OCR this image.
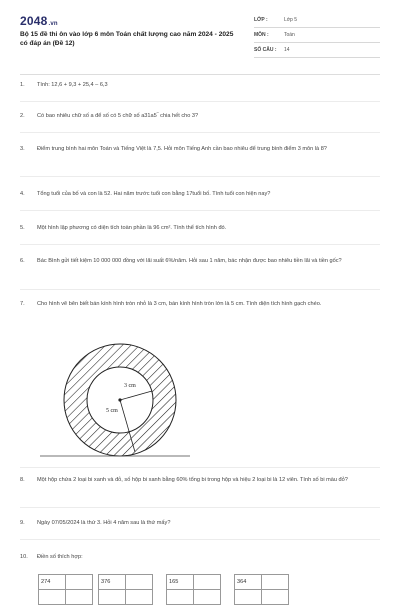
2048.vn
Bộ 15 đề thi ôn vào lớp 6 môn Toán chất lượng cao năm 2024 - 2025 có đáp án (Đề 12)
LỚP :	Lớp 5
MÔN :	Toán
SỐ CÂU :	14
1.	Tính: 12,6 + 9,3 + 25,4 – 6,3
2.	Có bao nhiêu chữ số a để số có 5 chữ số a31a5‾ chia hết cho 3?
3.	Điểm trung bình hai môn Toán và Tiếng Việt là 7,5. Hỏi môn Tiếng Anh cần bao nhiêu để trung bình điểm 3 môn là 8?
4.	Tổng tuổi của bố và con là 52. Hai năm trước tuổi con bằng 17tuổi bố. Tính tuổi con hiện nay?
5.	Một hình lập phương có diện tích toàn phần là 96 cm². Tính thể tích hình đó.
6.	Bác Bình gửi tiết kiệm 10 000 000 đồng với lãi suất 6%/năm. Hỏi sau 1 năm, bác nhận được bao nhiêu tiền lãi và tiền gốc?
7.	Cho hình vẽ bên biết bán kính hình tròn nhỏ là 3 cm, bán kính hình tròn lớn là 5 cm. Tính diện tích hình gạch chéo.
3 cm
5 cm
8.	Một hộp chứa 2 loại bi xanh và đỏ, số hộp bi xanh bằng 60% tổng bi trong hộp và hiệu 2 loại bi là 12 viên. Tính số bi màu đỏ?
9.	Ngày 07/05/2024 là thứ 3. Hỏi 4 năm sau là thứ mấy?
10.	Điền số thích hợp:
274	
		376	
		165	
		364	
